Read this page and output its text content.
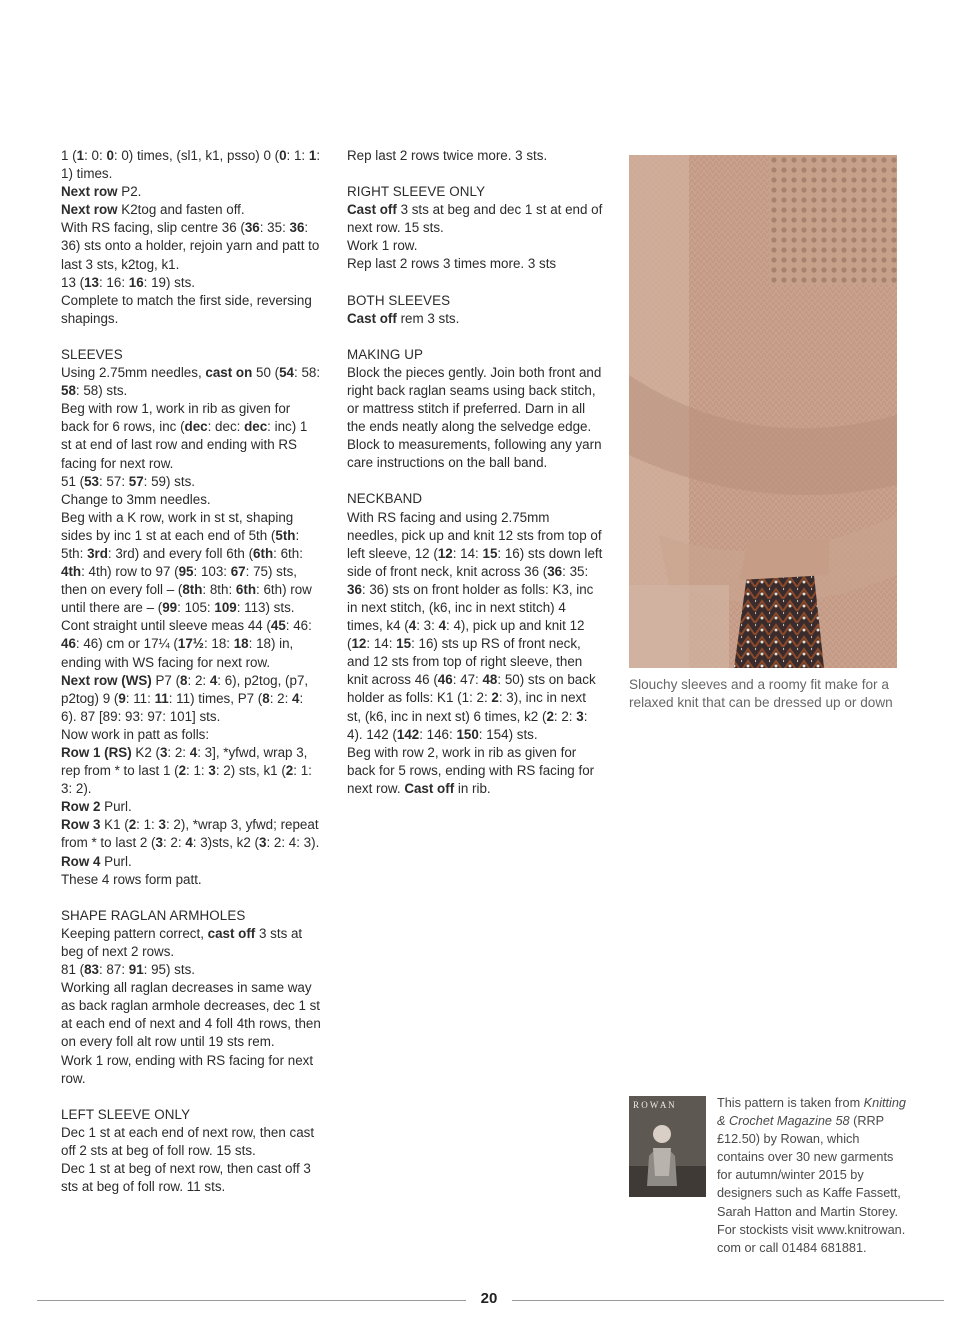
1 (1: 0: 0: 0) times, (sl1, k1, psso) 0 (0: 1: 1: 1) times.

Next row P2.

Next row K2tog and fasten off.

With RS facing, slip centre 36 (36: 35: 36: 36) sts onto a holder, rejoin yarn and patt to last 3 sts, k2tog, k1.

13 (13: 16: 16: 19) sts.

Complete to match the first side, reversing shapings.

SLEEVES

Using 2.75mm needles, cast on 50 (54: 58: 58: 58) sts.

Beg with row 1, work in rib as given for back for 6 rows, inc (dec: dec: dec: inc) 1 st at end of last row and ending with RS facing for next row.

51 (53: 57: 57: 59) sts.

Change to 3mm needles.

Beg with a K row, work in st st, shaping sides by inc 1 st at each end of 5th (5th: 5th: 3rd: 3rd) and every foll 6th (6th: 6th: 4th: 4th) row to 97 (95: 103: 67: 75) sts, then on every foll – (8th: 8th: 6th: 6th) row until there are – (99: 105: 109: 113) sts.

Cont straight until sleeve meas 44 (45: 46: 46: 46) cm or 17¼ (17½: 18: 18: 18) in, ending with WS facing for next row.

Next row (WS) P7 (8: 2: 4: 6), p2tog, (p7, p2tog) 9 (9: 11: 11: 11) times, P7 (8: 2: 4: 6). 87 [89: 93: 97: 101] sts.

Now work in patt as folls:

Row 1 (RS) K2 (3: 2: 4: 3], *yfwd, wrap 3, rep from * to last 1 (2: 1: 3: 2) sts, k1 (2: 1: 3: 2).

Row 2 Purl.

Row 3 K1 (2: 1: 3: 2), *wrap 3, yfwd; repeat from * to last 2 (3: 2: 4: 3)sts, k2 (3: 2: 4: 3).

Row 4 Purl.

These 4 rows form patt.

SHAPE RAGLAN ARMHOLES

Keeping pattern correct, cast off 3 sts at beg of next 2 rows.

81 (83: 87: 91: 95) sts.

Working all raglan decreases in same way as back raglan armhole decreases, dec 1 st at each end of next and 4 foll 4th rows, then on every foll alt row until 19 sts rem.

Work 1 row, ending with RS facing for next row.

LEFT SLEEVE ONLY

Dec 1 st at each end of next row, then cast off 2 sts at beg of foll row. 15 sts.

Dec 1 st at beg of next row, then cast off 3 sts at beg of foll row. 11 sts.

Rep last 2 rows twice more. 3 sts.

RIGHT SLEEVE ONLY

Cast off 3 sts at beg and dec 1 st at end of next row. 15 sts.

Work 1 row.

Rep last 2 rows 3 times more. 3 sts

BOTH SLEEVES

Cast off rem 3 sts.

MAKING UP

Block the pieces gently. Join both front and right back raglan seams using back stitch, or mattress stitch if preferred. Darn in all the ends neatly along the selvedge edge. Block to measurements, following any yarn care instructions on the ball band.

NECKBAND

With RS facing and using 2.75mm needles, pick up and knit 12 sts from top of left sleeve, 12 (12: 14: 15: 16) sts down left side of front neck, knit across 36 (36: 35: 36: 36) sts on front holder as folls: K3, inc in next stitch, (k6, inc in next stitch) 4 times, k4 (4: 3: 4: 4), pick up and knit 12 (12: 14: 15: 16) sts up RS of front neck, and 12 sts from top of right sleeve, then knit across 46 (46: 47: 48: 50) sts on back holder as folls: K1 (1: 2: 2: 3), inc in next st, (k6, inc in next st) 6 times, k2 (2: 2: 3: 4). 142 (142: 146: 150: 154) sts.

Beg with row 2, work in rib as given for back for 5 rows, ending with RS facing for next row. Cast off in rib.

Slouchy sleeves and a roomy fit make for a relaxed knit that can be dressed up or down
R O W A N	This pattern is taken from Knitting & Crochet Magazine 58 (RRP £12.50) by Rowan, which contains over 30 new garments for autumn/winter 2015 by designers such as Kaffe Fassett, Sarah Hatton and Martin Storey. For stockists visit www.knitrowan. com or call 01484 681881.
20
